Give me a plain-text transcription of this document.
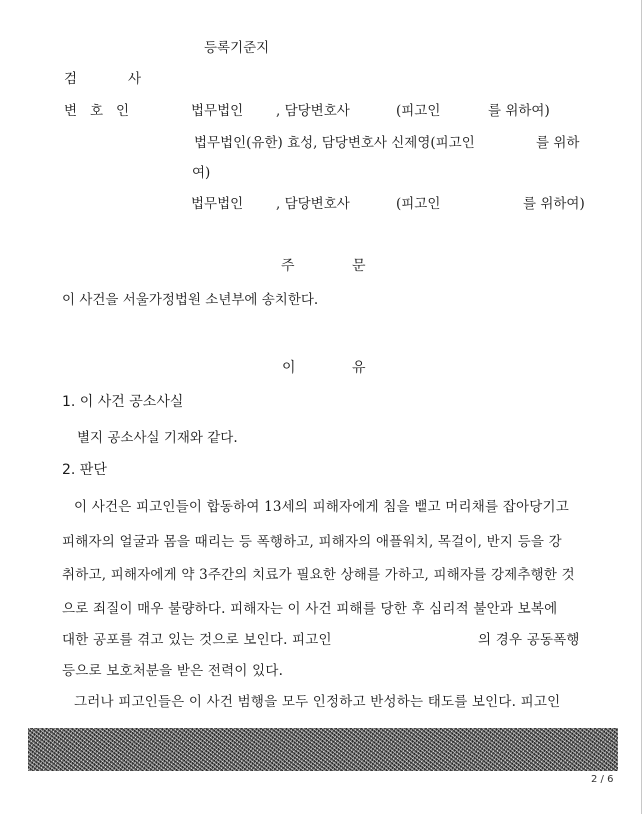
등록기준지
검	사
변 호 인	법무법인 , 담당변호사	(피고인	를 위하여)
법무법인(유한) 효성, 담당변호사 신제영(피고인	를 위하
여)
법무법인 , 담당변호사	(피고인	를 위하여)
주	문
이 사건을 서울가정법원 소년부에 송치한다.
이	유
1. 이 사건 공소사실
별지 공소사실 기재와 같다.
2. 판단
이 사건은 피고인들이 합동하여 13세의 피해자에게 침을 뱉고 머리채를 잡아당기고
피해자의 얼굴과 몸을 때리는 등 폭행하고, 피해자의 애플워치, 목걸이, 반지 등을 강
취하고, 피해자에게 약 3주간의 치료가 필요한 상해를 가하고, 피해자를 강제추행한 것
으로 죄질이 매우 불량하다. 피해자는 이 사건 피해를 당한 후 심리적 불안과 보복에
대한 공포를 겪고 있는 것으로 보인다. 피고인	의 경우 공동폭행
등으로 보호처분을 받은 전력이 있다.
그러나 피고인들은 이 사건 범행을 모두 인정하고 반성하는 태도를 보인다. 피고인
2 / 6
